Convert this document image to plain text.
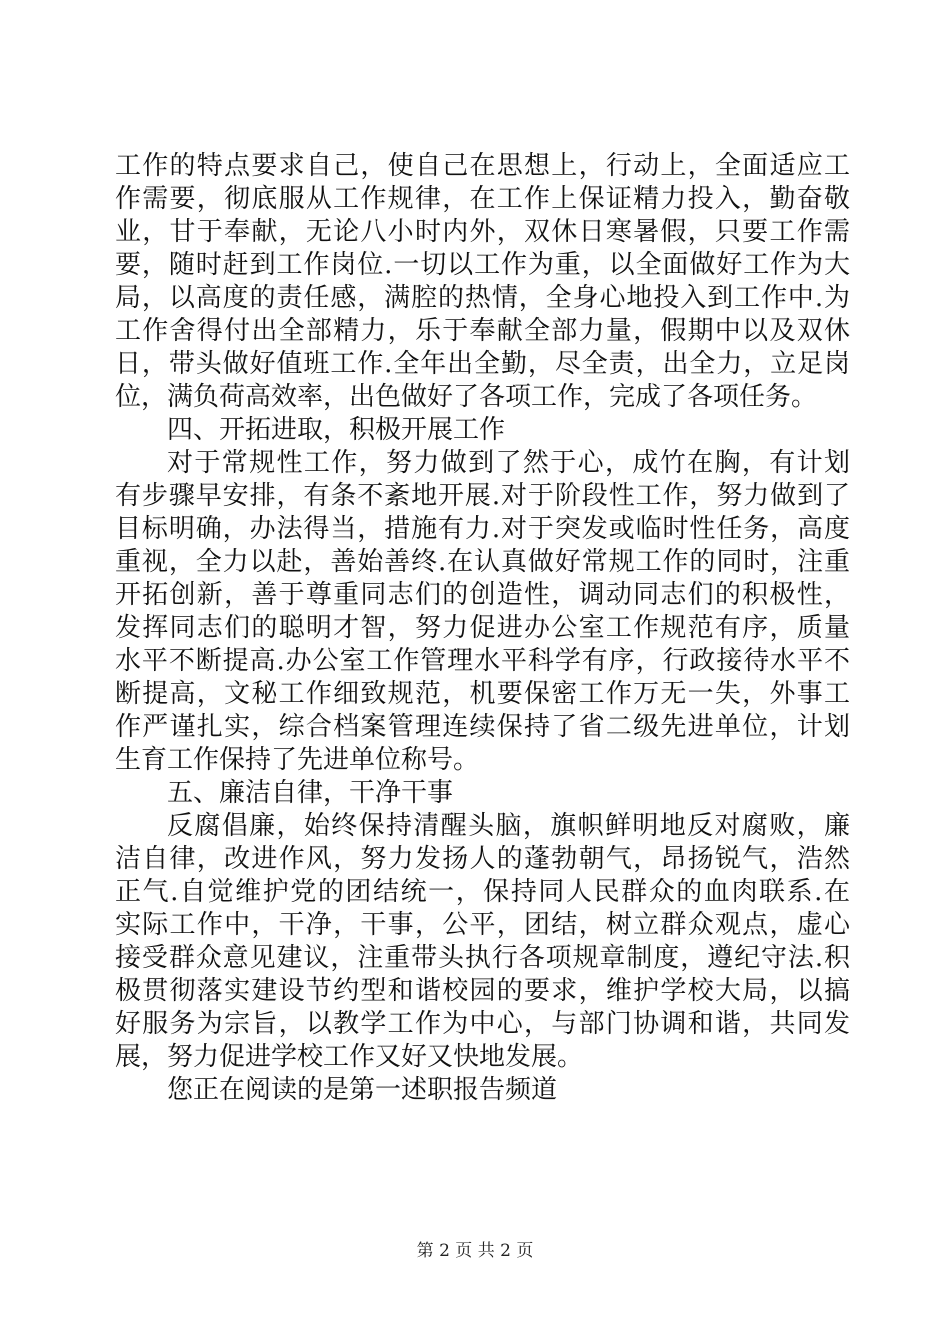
工作的特点要求自己，使自己在思想上，行动上，全面适应工
作需要，彻底服从工作规律，在工作上保证精力投入，勤奋敬
业，甘于奉献，无论八小时内外，双休日寒暑假，只要工作需
要，随时赶到工作岗位.一切以工作为重，以全面做好工作为大
局，以高度的责任感，满腔的热情，全身心地投入到工作中.为
工作舍得付出全部精力，乐于奉献全部力量，假期中以及双休
日，带头做好值班工作.全年出全勤，尽全责，出全力，立足岗
位，满负荷高效率，出色做好了各项工作，完成了各项任务。
四、开拓进取，积极开展工作
对于常规性工作，努力做到了然于心，成竹在胸，有计划
有步骤早安排，有条不紊地开展.对于阶段性工作，努力做到了
目标明确，办法得当，措施有力.对于突发或临时性任务，高度
重视，全力以赴，善始善终.在认真做好常规工作的同时，注重
开拓创新，善于尊重同志们的创造性，调动同志们的积极性，
发挥同志们的聪明才智，努力促进办公室工作规范有序，质量
水平不断提高.办公室工作管理水平科学有序，行政接待水平不
断提高，文秘工作细致规范，机要保密工作万无一失，外事工
作严谨扎实，综合档案管理连续保持了省二级先进单位，计划
生育工作保持了先进单位称号。
五、廉洁自律，干净干事
反腐倡廉，始终保持清醒头脑，旗帜鲜明地反对腐败，廉
洁自律，改进作风，努力发扬人的蓬勃朝气，昂扬锐气，浩然
正气.自觉维护党的团结统一，保持同人民群众的血肉联系.在
实际工作中，干净，干事，公平，团结，树立群众观点，虚心
接受群众意见建议，注重带头执行各项规章制度，遵纪守法.积
极贯彻落实建设节约型和谐校园的要求，维护学校大局，以搞
好服务为宗旨，以教学工作为中心，与部门协调和谐，共同发
展，努力促进学校工作又好又快地发展。
您正在阅读的是第一述职报告频道
第 2 页 共 2 页
